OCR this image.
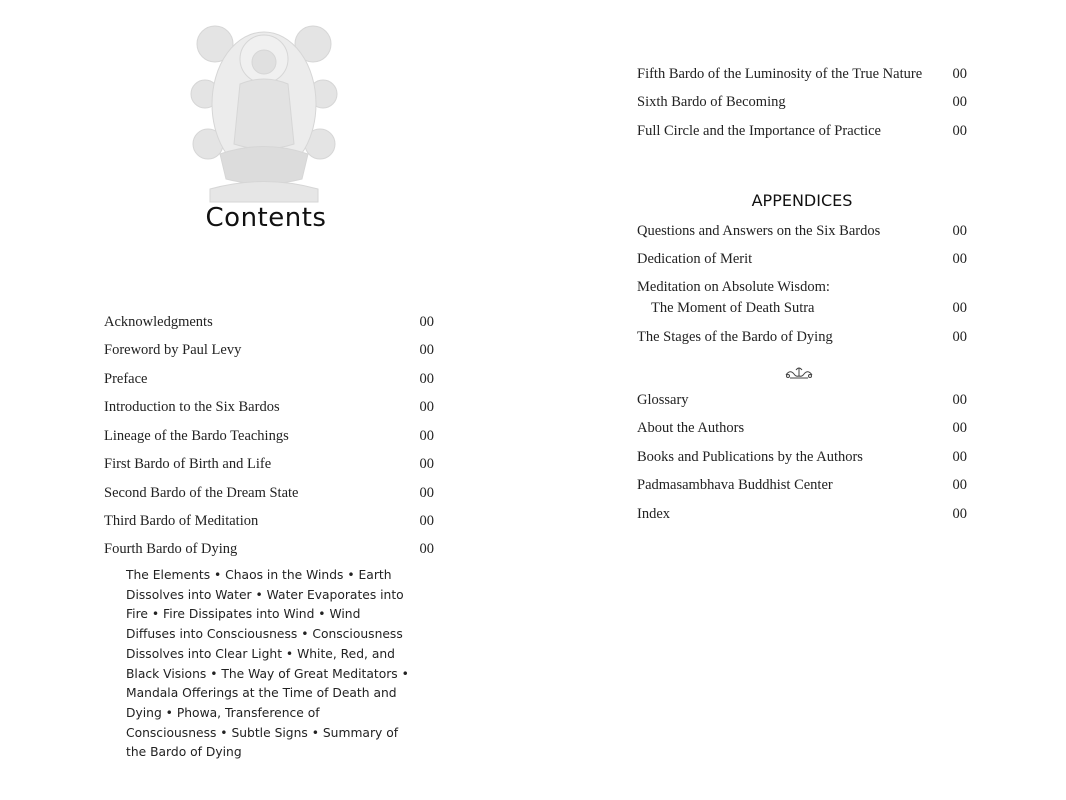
Contents
Acknowledgments	00
Foreword by Paul Levy	00
Preface	00
Introduction to the Six Bardos	00
Lineage of the Bardo Teachings	00
First Bardo of Birth and Life	00
Second Bardo of the Dream State	00
Third Bardo of Meditation	00
Fourth Bardo of Dying	00
The Elements • Chaos in the Winds • Earth Dissolves into Water • Water Evaporates into Fire • Fire Dissipates into Wind • Wind Diffuses into Consciousness • Consciousness Dissolves into Clear Light • White, Red, and Black Visions • The Way of Great Meditators • Mandala Offerings at the Time of Death and Dying • Phowa, Transference of Consciousness • Subtle Signs • Summary of the Bardo of Dying
Fifth Bardo of the Luminosity of the True Nature 00
Sixth Bardo of Becoming	00
Full Circle and the Importance of Practice	00
APPENDICES
Questions and Answers on the Six Bardos	00
Dedication of Merit	00
Meditation on Absolute Wisdom:
The Moment of Death Sutra	00
The Stages of the Bardo of Dying	00
Glossary	00
About the Authors	00
Books and Publications by the Authors	00
Padmasambhava Buddhist Center	00
Index	00
